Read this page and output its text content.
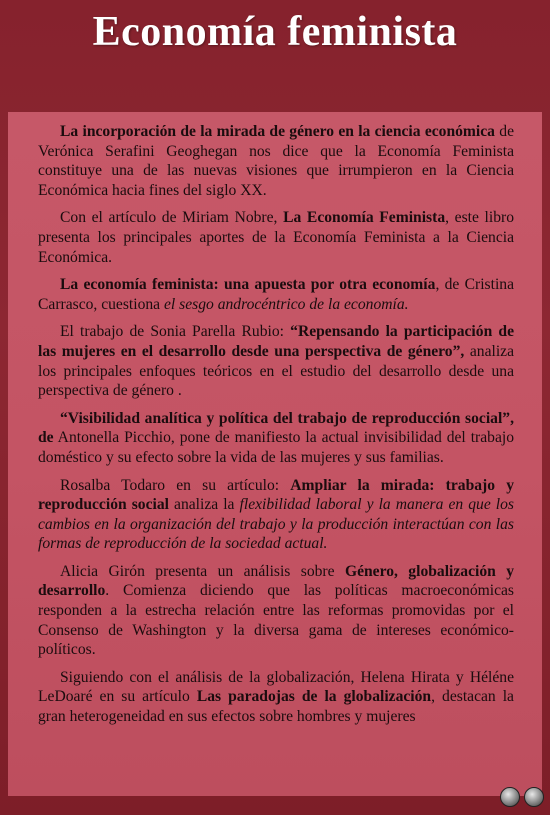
Economía feminista

La incorporación de la mirada de género en la ciencia económica de Verónica Serafini Geoghegan nos dice que la Economía Feminista constituye una de las nuevas visiones que irrumpieron en la Ciencia Económica hacia fines del siglo XX.

Con el artículo de Miriam Nobre, La Economía Feminista, este libro presenta los principales aportes de la Economía Feminista a la Ciencia Económica.

La economía feminista: una apuesta por otra economía, de Cristina Carrasco, cuestiona el sesgo androcéntrico de la economía.

El trabajo de Sonia Parella Rubio: “Repensando la participación de las mujeres en el desarrollo desde una perspectiva de género”, analiza los principales enfoques teóricos en el estudio del desarrollo desde una perspectiva de género .

“Visibilidad analítica y política del trabajo de reproducción social”, de Antonella Picchio, pone de manifiesto la actual invisibilidad del trabajo doméstico y su efecto sobre la vida de las mujeres y sus familias.

Rosalba Todaro en su artículo: Ampliar la mirada: trabajo y reproducción social analiza la flexibilidad laboral y la manera en que los cambios en la organización del trabajo y la producción interactúan con las formas de reproducción de la sociedad actual.

Alicia Girón presenta un análisis sobre Género, globalización y desarrollo. Comienza diciendo que las políticas macroeconómicas responden a la estrecha relación entre las reformas promovidas por el Consenso de Washington y la diversa gama de intereses económico-políticos.

Siguiendo con el análisis de la globalización, Helena Hirata y Héléne LeDoaré en su artículo Las paradojas de la globalización, destacan la gran heterogeneidad en sus efectos sobre hombres y mujeres
